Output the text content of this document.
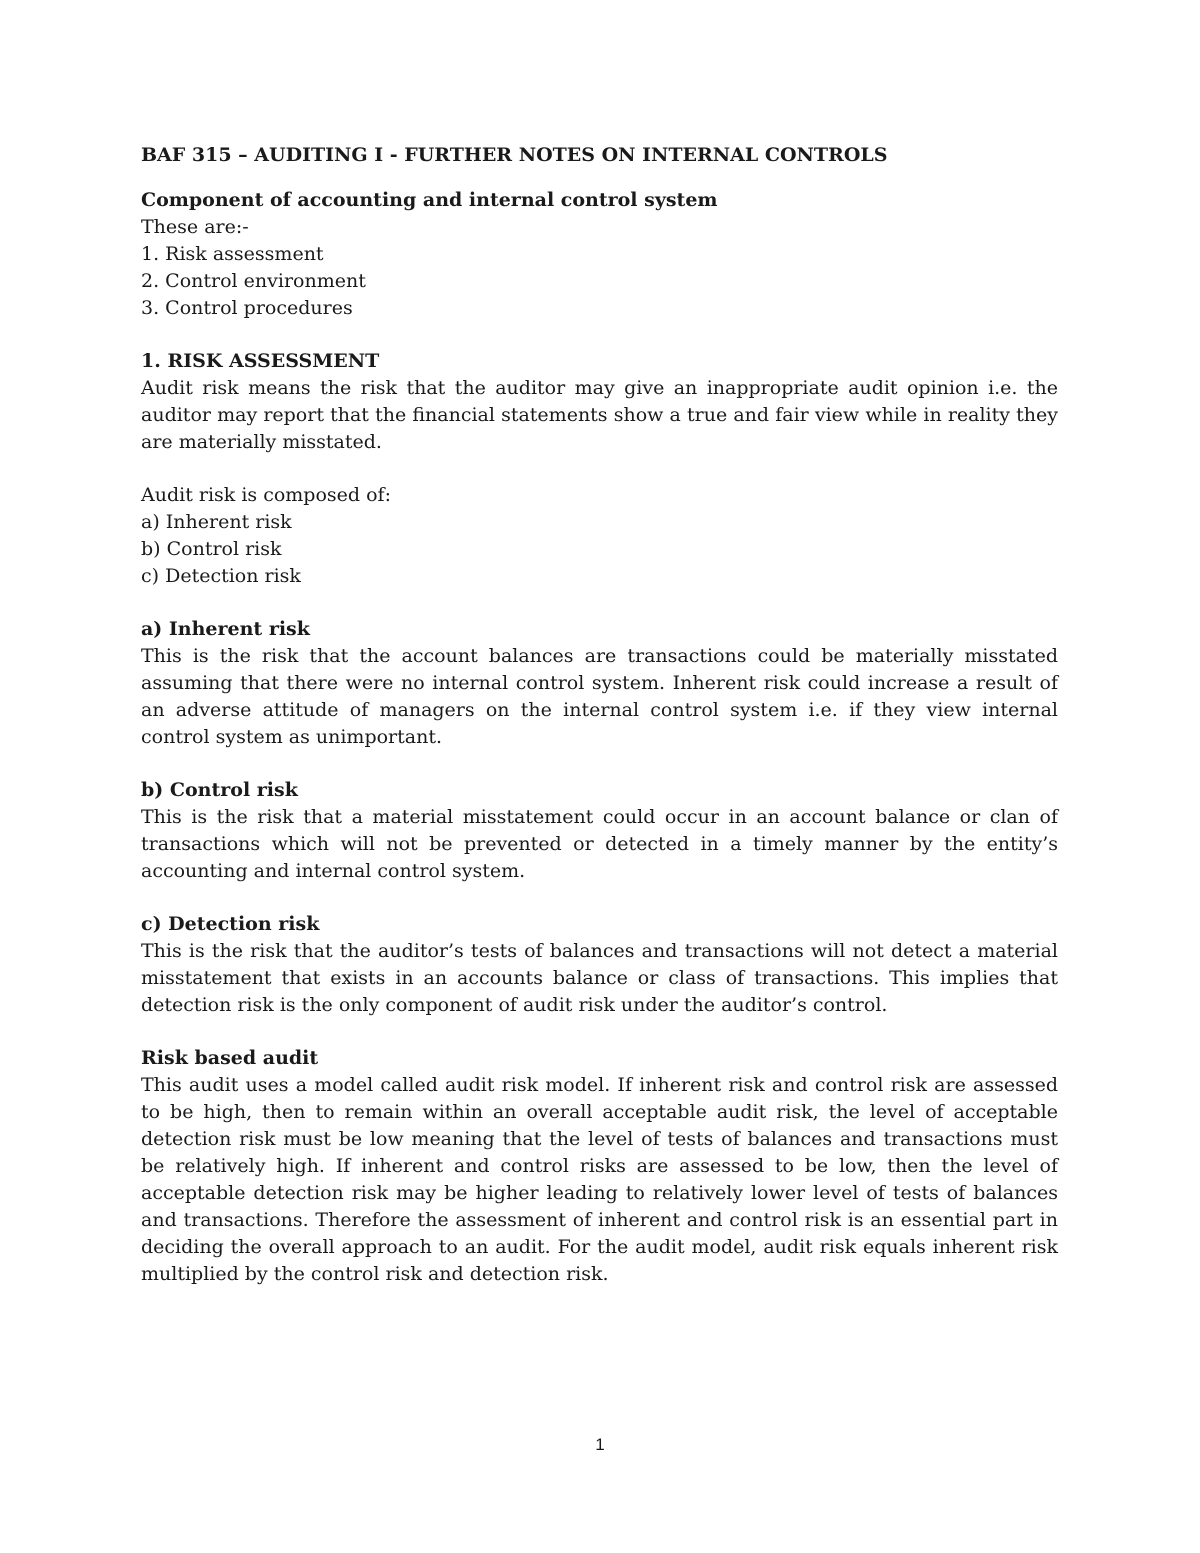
BAF 315 – AUDITING I - FURTHER NOTES ON INTERNAL CONTROLS

Component of accounting and internal control system

These are:-

1. Risk assessment

2. Control environment

3. Control procedures

1. RISK ASSESSMENT

Audit risk means the risk that the auditor may give an inappropriate audit opinion i.e. the auditor may report that the financial statements show a true and fair view while in reality they are materially misstated.

Audit risk is composed of:

a) Inherent risk

b) Control risk

c) Detection risk

a) Inherent risk

This is the risk that the account balances are transactions could be materially misstated assuming that there were no internal control system. Inherent risk could increase a result of an adverse attitude of managers on the internal control system i.e. if they view internal control system as unimportant.

b) Control risk

This is the risk that a material misstatement could occur in an account balance or clan of transactions which will not be prevented or detected in a timely manner by the entity’s accounting and internal control system.

c) Detection risk

This is the risk that the auditor’s tests of balances and transactions will not detect a material misstatement that exists in an accounts balance or class of transactions. This implies that detection risk is the only component of audit risk under the auditor’s control.

Risk based audit

This audit uses a model called audit risk model. If inherent risk and control risk are assessed to be high, then to remain within an overall acceptable audit risk, the level of acceptable detection risk must be low meaning that the level of tests of balances and transactions must be relatively high. If inherent and control risks are assessed to be low, then the level of acceptable detection risk may be higher leading to relatively lower level of tests of balances and transactions. Therefore the assessment of inherent and control risk is an essential part in deciding the overall approach to an audit. For the audit model, audit risk equals inherent risk multiplied by the control risk and detection risk.

1
